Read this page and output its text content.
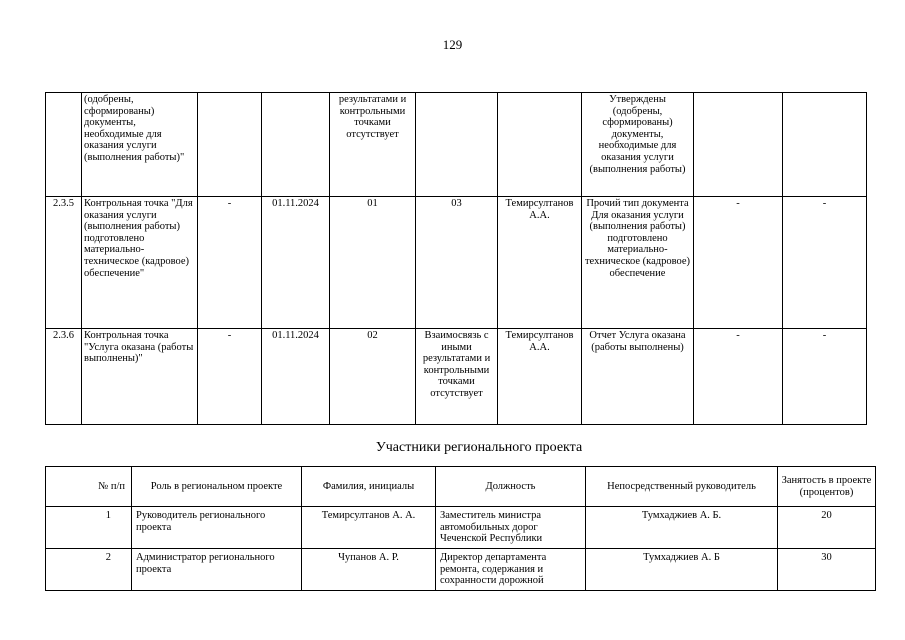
129
	(одобрены, сформированы) документы, необходимые для оказания услуги (выполнения работы)"			результатами и контрольными точками отсутствует			Утверждены (одобрены, сформированы) документы, необходимые для оказания услуги (выполнения работы)		
2.3.5	Контрольная точка "Для оказания услуги (выполнения работы) подготовлено материально-техническое (кадровое) обеспечение"	-	01.11.2024	01	03	Темирсултанов А.А.	Прочий тип документа Для оказания услуги (выполнения работы) подготовлено материально-техническое (кадровое) обеспечение	-	-
2.3.6	Контрольная точка "Услуга оказана (работы выполнены)"	-	01.11.2024	02	Взаимосвязь с иными результатами и контрольными точками отсутствует	Темирсултанов А.А.	Отчет Услуга оказана (работы выполнены)	-	-
Участники регионального проекта
№ п/п	Роль в региональном проекте	Фамилия, инициалы	Должность	Непосредственный руководитель	Занятость в проекте (процентов)
1	Руководитель регионального проекта	Темирсултанов А. А.	Заместитель министра автомобильных дорог Чеченской Республики	Тумхаджиев А. Б.	20
2	Администратор регионального проекта	Чупанов А. Р.	Директор департамента ремонта, содержания и сохранности дорожной	Тумхаджиев А. Б	30
